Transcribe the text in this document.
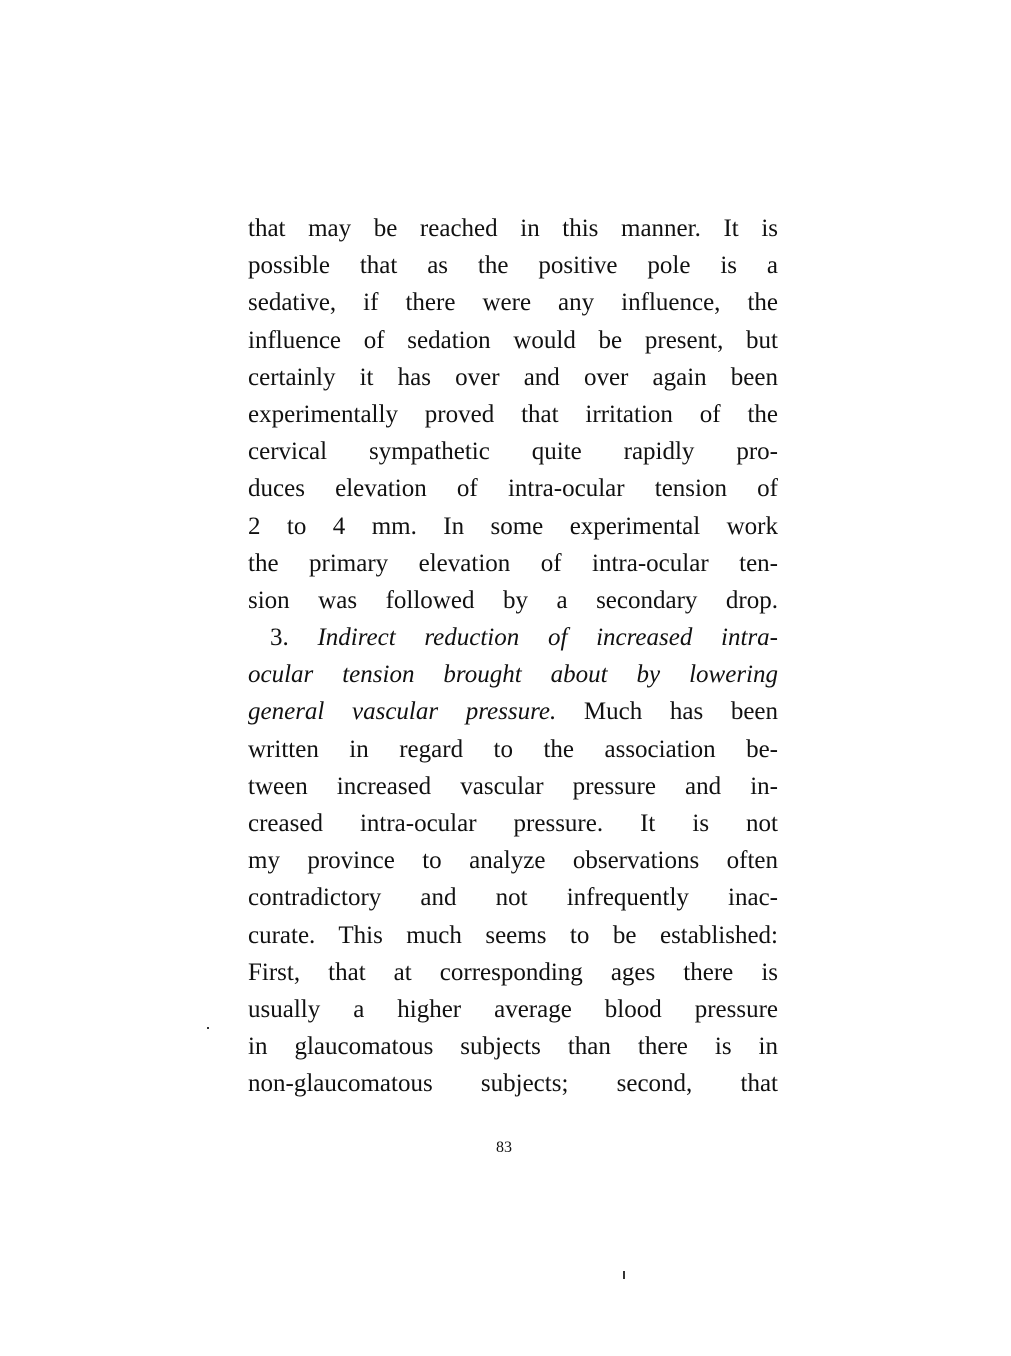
that may be reached in this manner. It is
possible that as the positive pole is a
sedative, if there were any influence, the
influence of sedation would be present, but
certainly it has over and over again been
experimentally proved that irritation of the
cervical sympathetic quite rapidly pro-
duces elevation of intra-ocular tension of
2 to 4 mm. In some experimental work
the primary elevation of intra-ocular ten-
sion was followed by a secondary drop.
3. Indirect reduction of increased intra-
ocular tension brought about by lowering
general vascular pressure. Much has been
written in regard to the association be-
tween increased vascular pressure and in-
creased intra-ocular pressure. It is not
my province to analyze observations often
contradictory and not infrequently inac-
curate. This much seems to be established:
First, that at corresponding ages there is
usually a higher average blood pressure
in glaucomatous subjects than there is in
non-glaucomatous subjects; second, that
83
